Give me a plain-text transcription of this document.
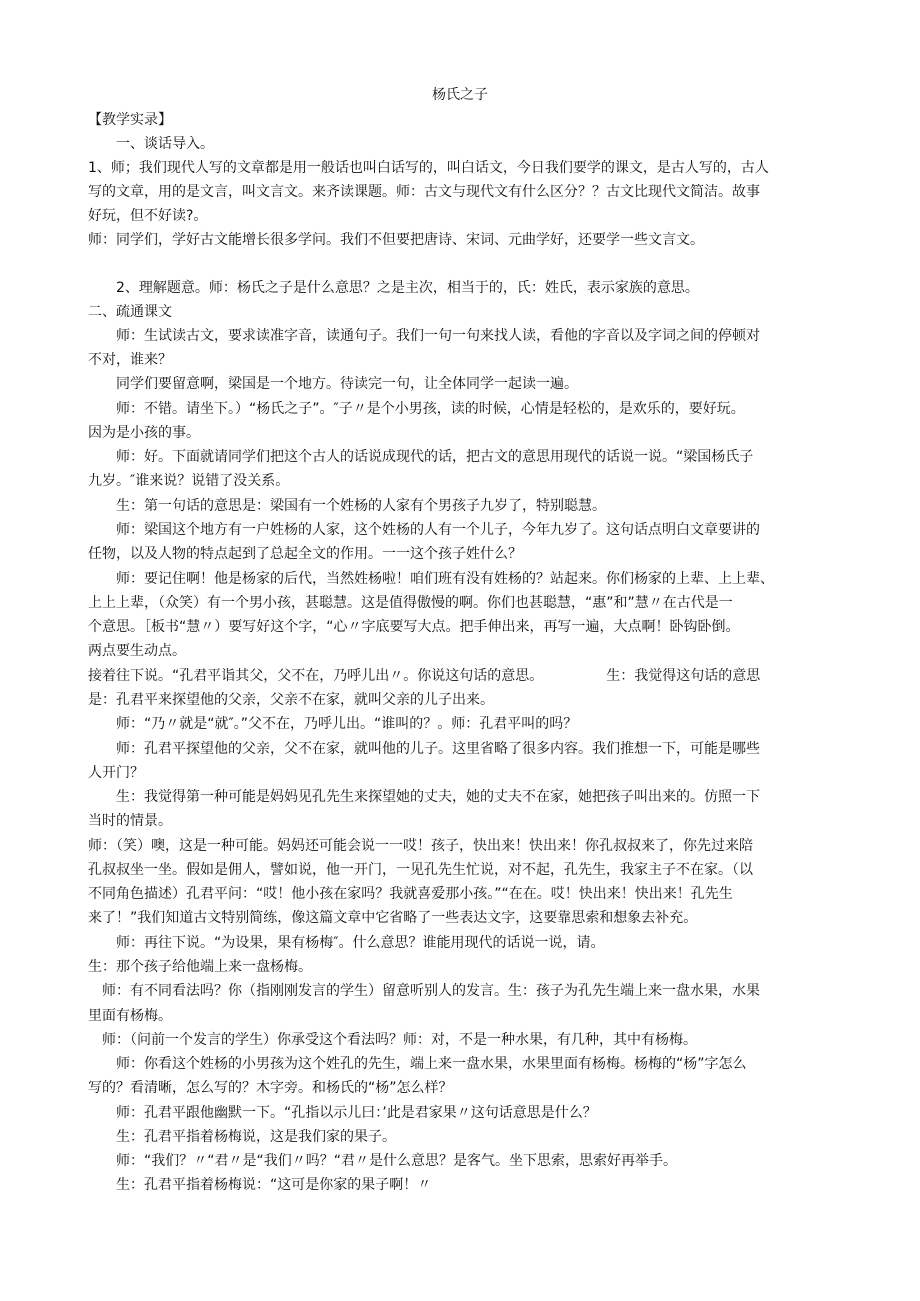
杨氏之子
【教学实录】
　　一、谈话导入。
1、师；我们现代人写的文章都是用一般话也叫白话写的，叫白话文，今日我们要学的课文，是古人写的，古人
写的文章，用的是文言，叫文言文。来齐读课题。师：古文与现代文有什么区分？？古文比现代文简洁。故事
好玩，但不好读?。
师：同学们，学好古文能增长很多学问。我们不但要把唐诗、宋词、元曲学好，还要学一些文言文。
　　2、理解题意。师：杨氏之子是什么意思？之是主次，相当于的，氏：姓氏，表示家族的意思。
二、疏通课文
　　师：生试读古文，要求读准字音，读通句子。我们一句一句来找人读，看他的字音以及字词之间的停顿对
不对，谁来？
　　同学们要留意啊，梁国是一个地方。待读完一句，让全体同学一起读一遍。
　　师：不错。请坐下。）“杨氏之子”。″子〃是个小男孩，读的时候，心情是轻松的，是欢乐的，要好玩。
因为是小孩的事。
　　师：好。下面就请同学们把这个古人的话说成现代的话，把古文的意思用现代的话说一说。“梁国杨氏子
九岁。″谁来说？说错了没关系。
　　生：第一句话的意思是：梁国有一个姓杨的人家有个男孩子九岁了，特别聪慧。
　　师：梁国这个地方有一户姓杨的人家，这个姓杨的人有一个儿子，今年九岁了。这句话点明白文章要讲的
任物，以及人物的特点起到了总起全文的作用。一一这个孩子姓什么？
　　师：要记住啊！他是杨家的后代，当然姓杨啦！咱们班有没有姓杨的？站起来。你们杨家的上辈、上上辈、
上上上辈，（众笑）有一个男小孩，甚聪慧。这是值得傲慢的啊。你们也甚聪慧，“惠”和”慧〃在古代是一
个意思。［板书“慧〃）要写好这个字，“心〃字底要写大点。把手伸出来，再写一遍，大点啊！卧钩卧倒。
两点要生动点。
接着往下说。“孔君平诣其父，父不在，乃呼儿出〃。你说这句话的意思。　　　　　生：我觉得这句话的意思
是：孔君平来探望他的父亲，父亲不在家，就叫父亲的儿子出来。
　　师：“乃〃就是“就″。”父不在，乃呼儿出。“谁叫的？。师：孔君平叫的吗？
　　师：孔君平探望他的父亲，父不在家，就叫他的儿子。这里省略了很多内容。我们推想一下，可能是哪些
人开门？
　　生：我觉得第一种可能是妈妈见孔先生来探望她的丈夫，她的丈夫不在家，她把孩子叫出来的。仿照一下
当时的情景。
师：（笑）噢，这是一种可能。妈妈还可能会说一一哎！孩子，快出来！快出来！你孔叔叔来了，你先过来陪
孔叔叔坐一坐。假如是佣人，譬如说，他一开门，一见孔先生忙说，对不起，孔先生，我家主子不在家。（以
不同角色描述）孔君平问：“哎！他小孩在家吗？我就喜爱那小孩。”“在在。哎！快出来！快出来！孔先生
来了！”我们知道古文特别简练，像这篇文章中它省略了一些表达文字，这要靠思索和想象去补充。
　　师：再往下说。“为设果，果有杨梅″。什么意思？谁能用现代的话说一说，请。
生：那个孩子给他端上来一盘杨梅。
　师：有不同看法吗？你（指刚刚发言的学生）留意听别人的发言。生：孩子为孔先生端上来一盘水果，水果
里面有杨梅。
　师：（问前一个发言的学生）你承受这个看法吗？师：对，不是一种水果，有几种，其中有杨梅。
　　师：你看这个姓杨的小男孩为这个姓孔的先生，端上来一盘水果，水果里面有杨梅。杨梅的“杨”字怎么
写的？看清晰，怎么写的？木字旁。和杨氏的“杨”怎么样？
　　师：孔君平跟他幽默一下。“孔指以示儿曰：’此是君家果〃这句话意思是什么？
　　生：孔君平指着杨梅说，这是我们家的果子。
　　师：“我们？〃“君〃是“我们〃吗？“君〃是什么意思？是客气。坐下思索，思索好再举手。
　　生：孔君平指着杨梅说：“这可是你家的果子啊！〃
